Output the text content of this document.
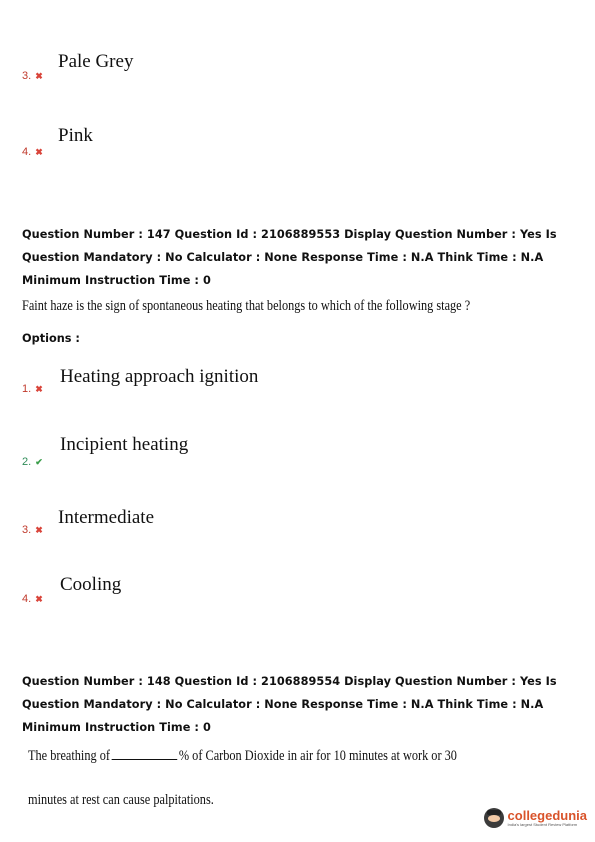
Pale Grey
3. ✖
Pink
4. ✖
Question Number : 147 Question Id : 2106889553 Display Question Number : Yes Is Question Mandatory : No Calculator : None Response Time : N.A Think Time : N.A Minimum Instruction Time : 0
Faint haze is the sign of spontaneous heating that belongs to which of the following stage ?
Options :
Heating approach ignition
1. ✖
Incipient heating
2. ✔
Intermediate
3. ✖
Cooling
4. ✖
Question Number : 148 Question Id : 2106889554 Display Question Number : Yes Is Question Mandatory : No Calculator : None Response Time : N.A Think Time : N.A Minimum Instruction Time : 0
The breathing of	% of Carbon Dioxide in air for 10 minutes at work or 30
minutes at rest can cause palpitations.
collegedunia
India's largest Student Review Platform
